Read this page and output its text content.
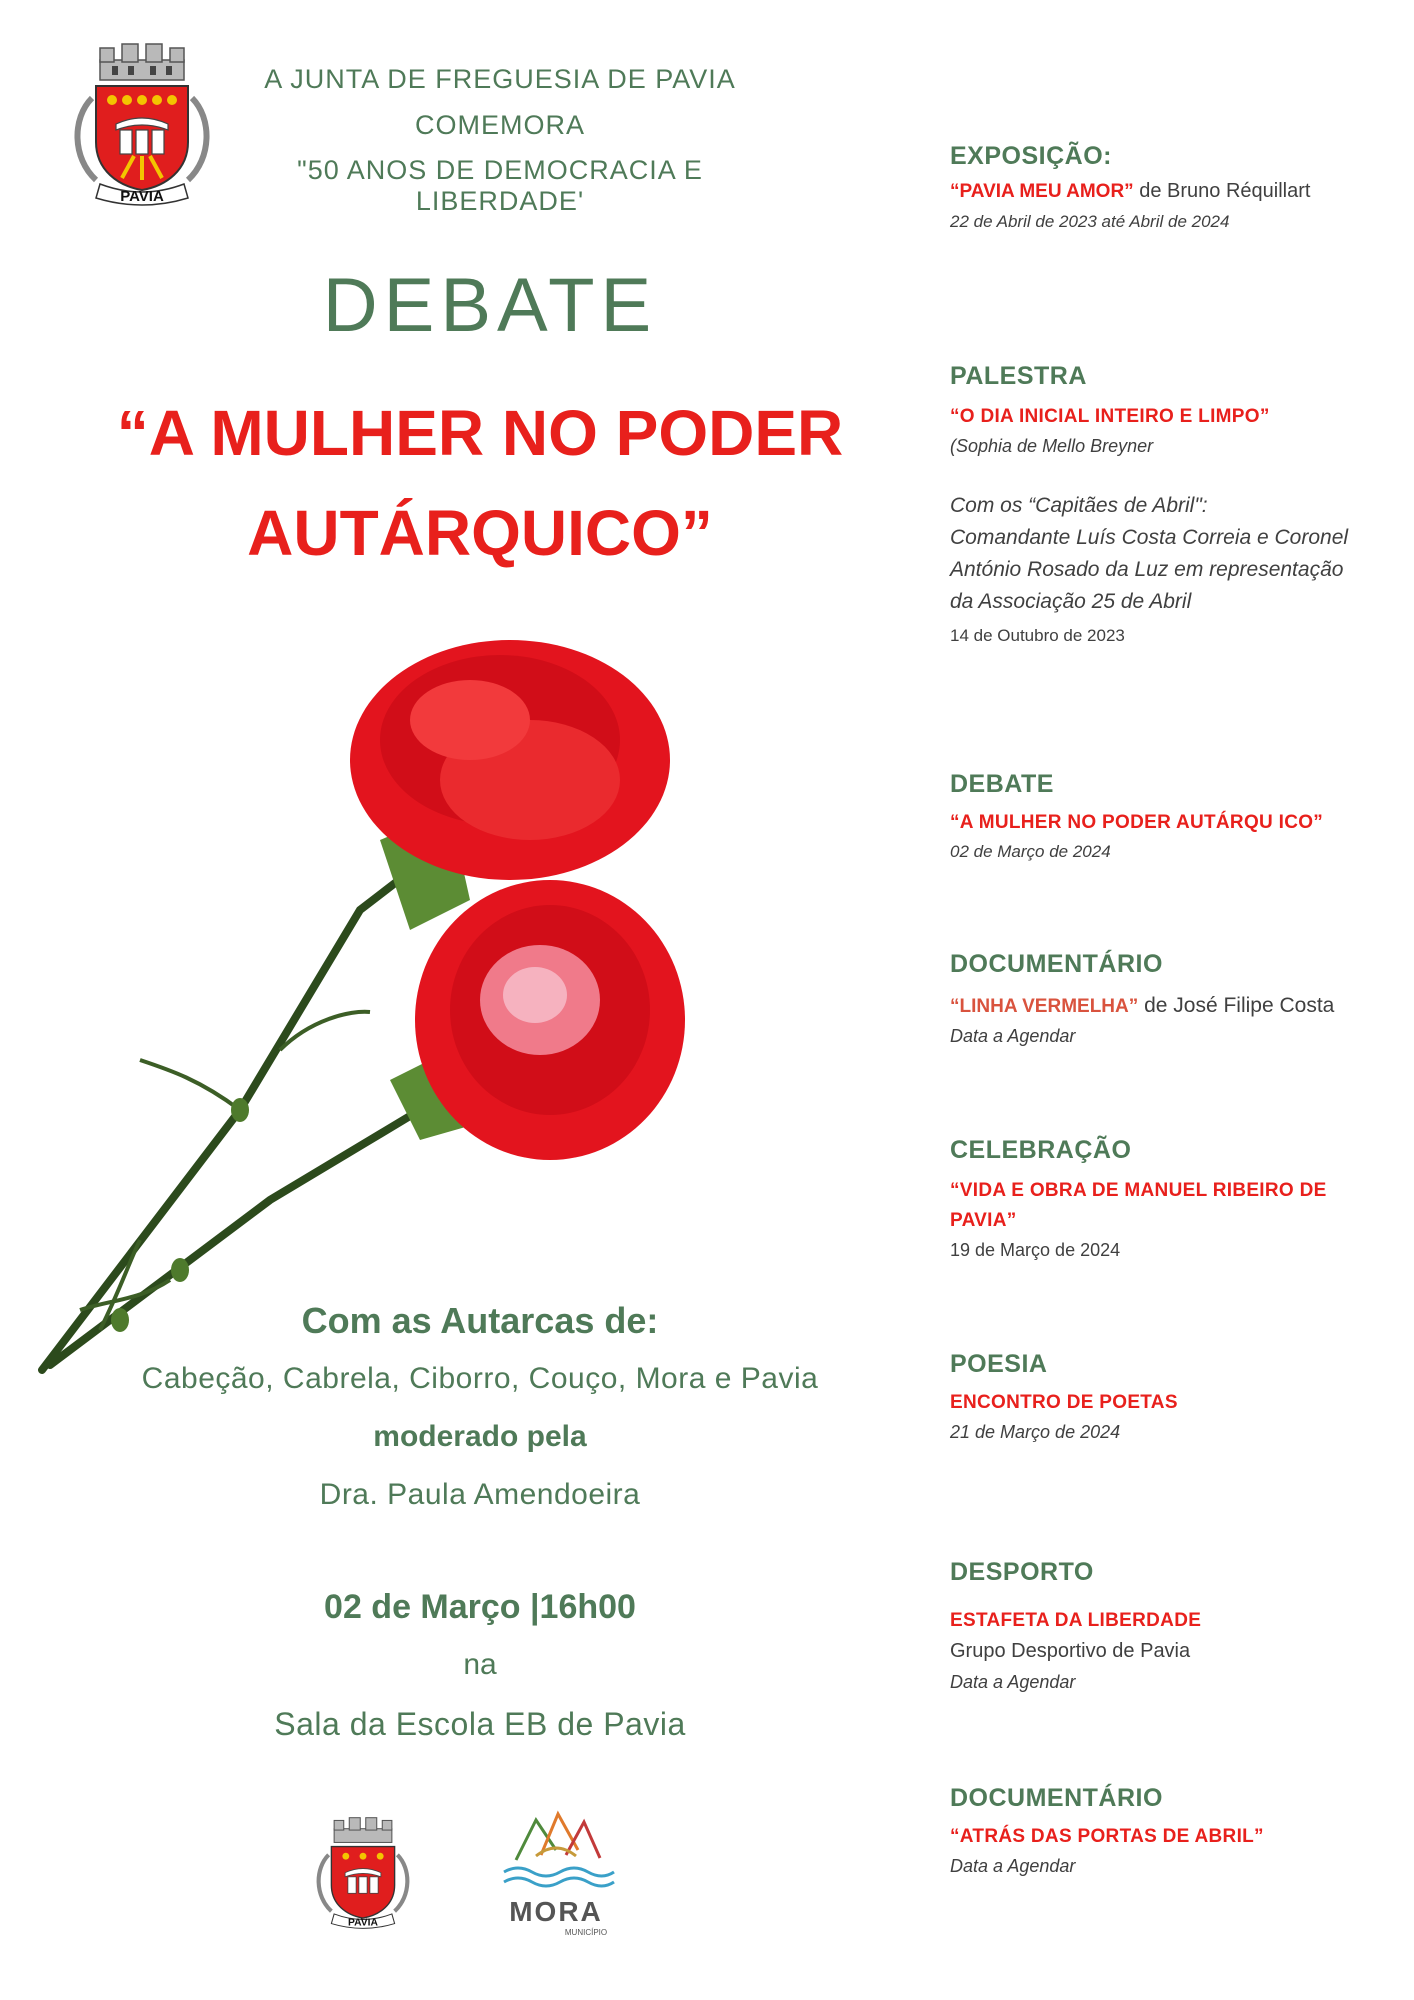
PAVIA
A JUNTA DE FREGUESIA DE PAVIA
COMEMORA
"50 ANOS DE DEMOCRACIA E LIBERDADE'
DEBATE
“A MULHER NO PODER
AUTÁRQUICO”
Com as Autarcas de:
Cabeção, Cabrela, Ciborro, Couço, Mora e Pavia
moderado pela
Dra. Paula Amendoeira
02 de Março |16h00
na
Sala da Escola EB de Pavia
PAVIA	MORA
MUNICÍPIO
EXPOSIÇÃO:
“PAVIA MEU AMOR” de Bruno Réquillart
22 de Abril de 2023 até Abril de 2024
PALESTRA
“O DIA INICIAL INTEIRO E LIMPO”
(Sophia de Mello Breyner
Com os “Capitães de Abril":
Comandante Luís Costa Correia e Coronel
António Rosado da Luz em representação
da Associação 25 de Abril
14 de Outubro de 2023
DEBATE
“A MULHER NO PODER AUTÁRQU ICO”
02 de Março de 2024
DOCUMENTÁRIO
“LINHA VERMELHA” de José Filipe Costa
Data a Agendar
CELEBRAÇÃO
“VIDA E OBRA DE MANUEL RIBEIRO DE
PAVIA”
19 de Março de 2024
POESIA
ENCONTRO DE POETAS
21 de Março de 2024
DESPORTO
ESTAFETA DA LIBERDADE
Grupo Desportivo de Pavia
Data a Agendar
DOCUMENTÁRIO
“ATRÁS DAS PORTAS DE ABRIL”
Data a Agendar
